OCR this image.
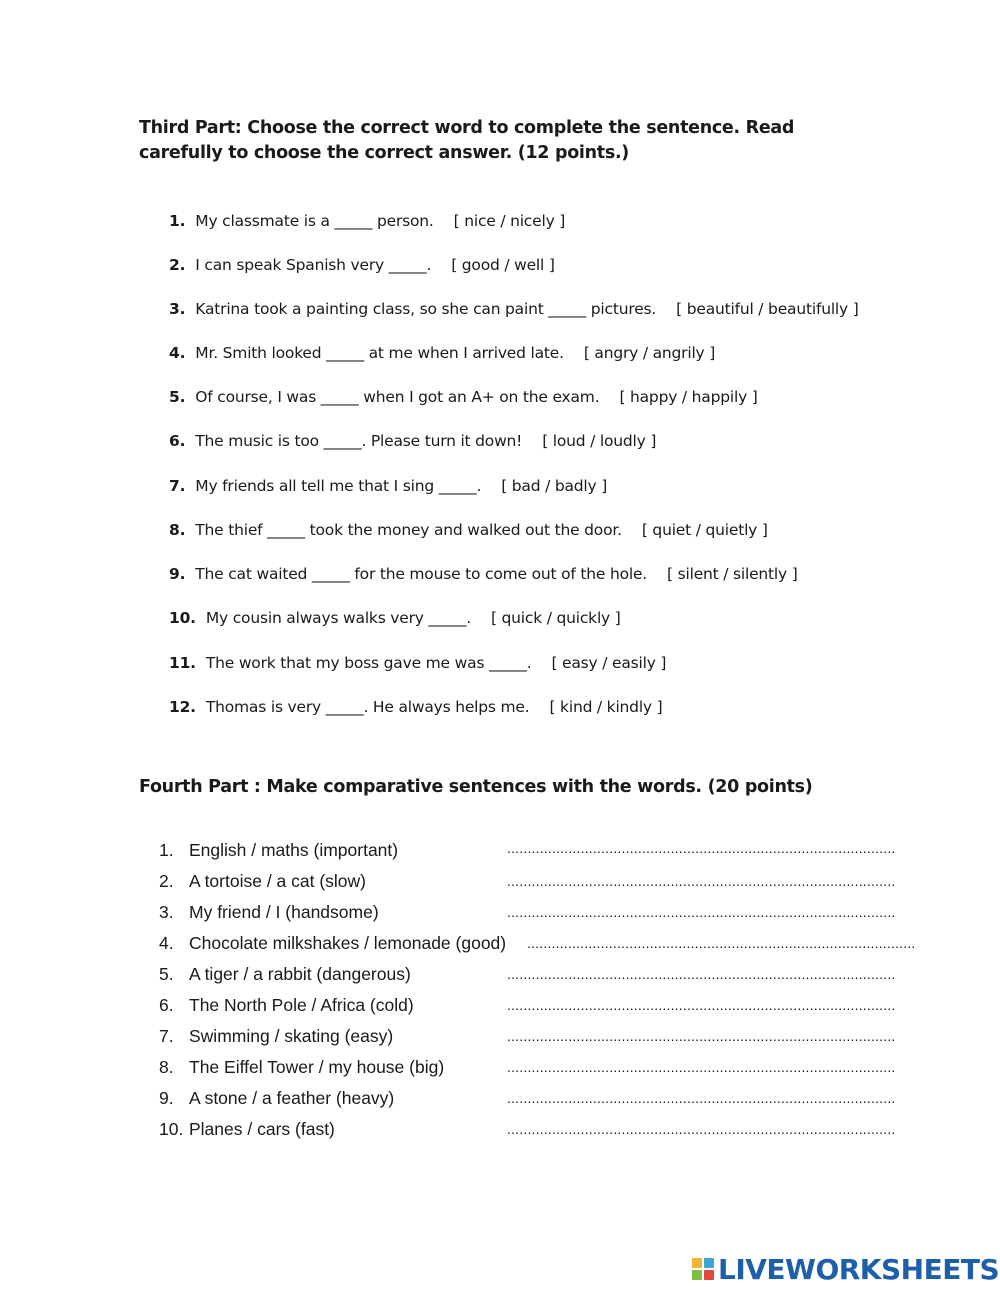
Third Part: Choose the correct word to complete the sentence. Read carefully to choose the correct answer. (12 points.)
1. My classmate is a _____ person. [ nice / nicely ]
2. I can speak Spanish very _____. [ good / well ]
3. Katrina took a painting class, so she can paint _____ pictures. [ beautiful / beautifully ]
4. Mr. Smith looked _____ at me when I arrived late. [ angry / angrily ]
5. Of course, I was _____ when I got an A+ on the exam. [ happy / happily ]
6. The music is too _____. Please turn it down! [ loud / loudly ]
7. My friends all tell me that I sing _____. [ bad / badly ]
8. The thief _____ took the money and walked out the door. [ quiet / quietly ]
9. The cat waited _____ for the mouse to come out of the hole. [ silent / silently ]
10. My cousin always walks very _____. [ quick / quickly ]
11. The work that my boss gave me was _____. [ easy / easily ]
12. Thomas is very _____. He always helps me. [ kind / kindly ]
Fourth Part : Make comparative sentences with the words. (20 points)
1. English / maths (important)	...............................................................................................
2. A tortoise / a cat (slow)	...............................................................................................
3. My friend / I (handsome)	...............................................................................................
4. Chocolate milkshakes / lemonade (good) ...............................................................................................
5. A tiger / a rabbit (dangerous)	...............................................................................................
6. The North Pole / Africa (cold)	...............................................................................................
7. Swimming / skating (easy)	...............................................................................................
8. The Eiffel Tower / my house (big)	...............................................................................................
9. A stone / a feather (heavy)	...............................................................................................
10. Planes / cars (fast)	...............................................................................................
LIVEWORKSHEETS
